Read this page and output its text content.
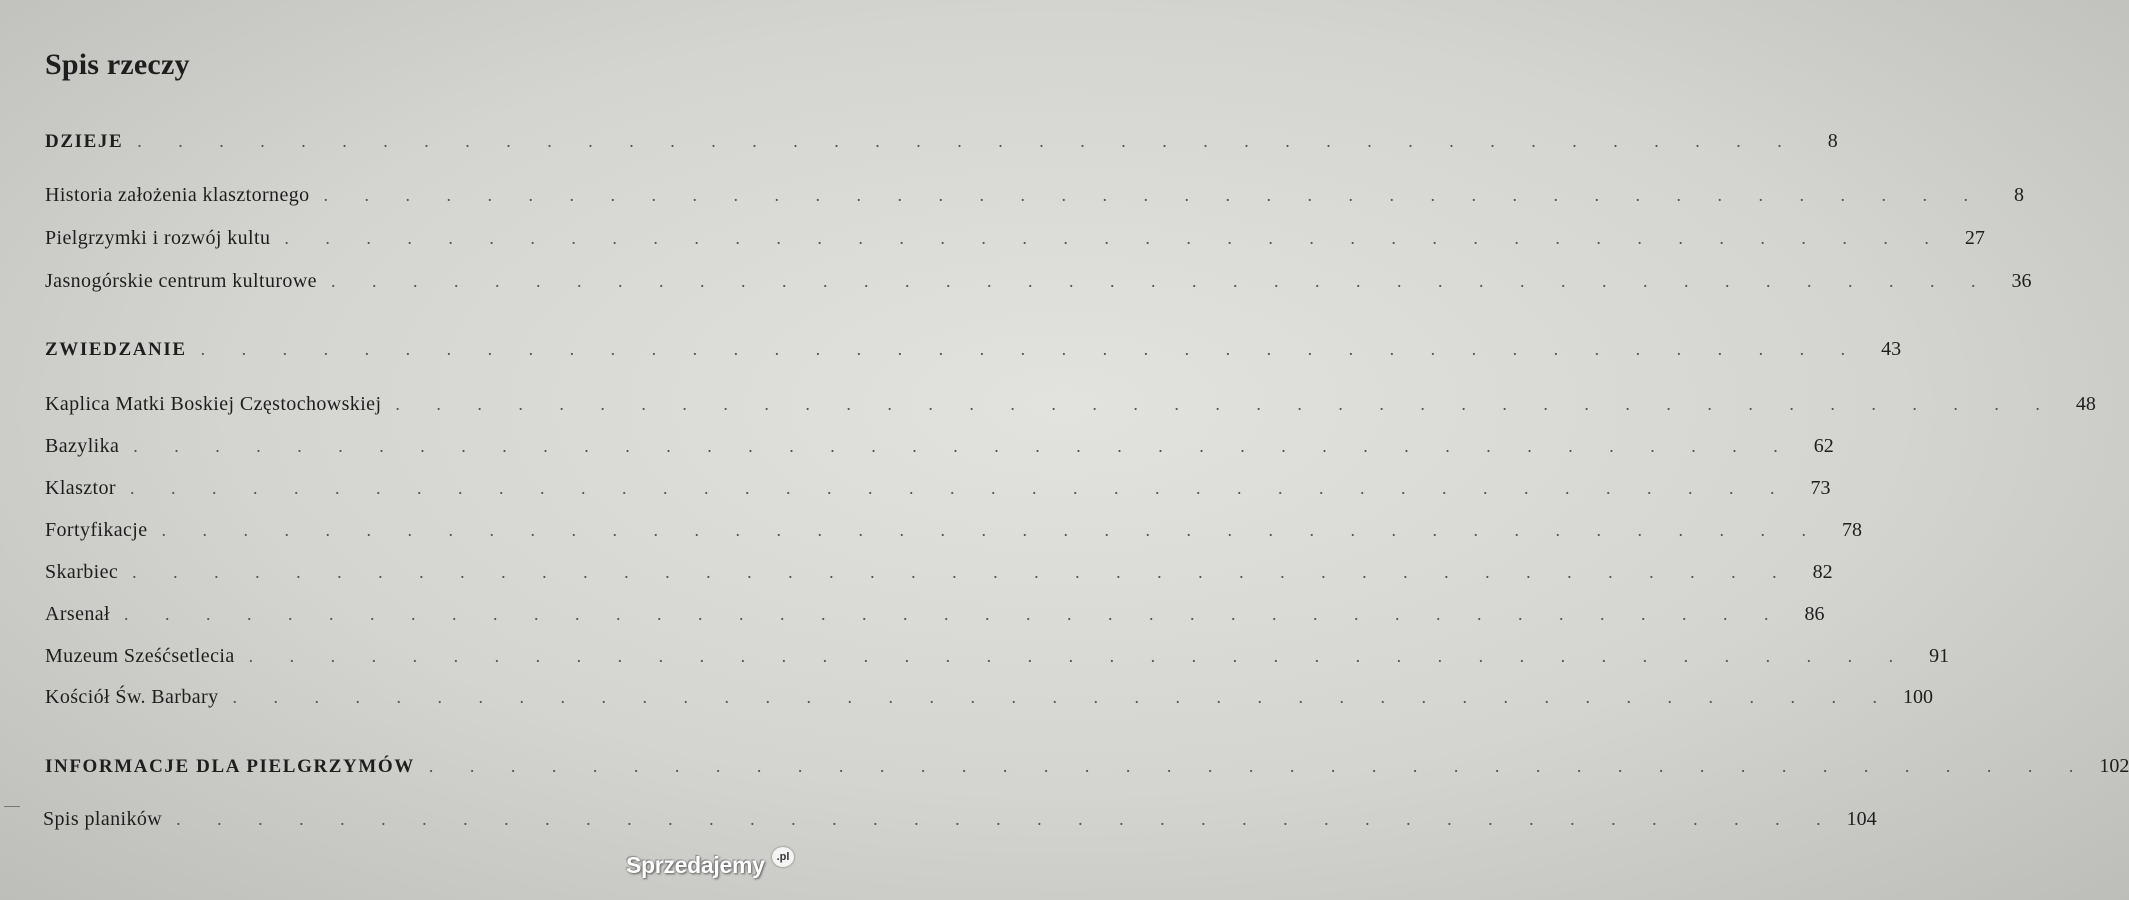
Spis rzeczy
DZIEJE . . . . . . . . . . . . . . . . . . . . . . . . . . . . . . . . . . . . . . . . .	8
Historia założenia klasztornego . . . . . . . . . . . . . . . . . . . . . . . . . . . . . . . . . . . . . . . . .	8
Pielgrzymki i rozwój kultu . . . . . . . . . . . . . . . . . . . . . . . . . . . . . . . . . . . . . . . . .	27
Jasnogórskie centrum kulturowe . . . . . . . . . . . . . . . . . . . . . . . . . . . . . . . . . . . . . . . . .	36
ZWIEDZANIE . . . . . . . . . . . . . . . . . . . . . . . . . . . . . . . . . . . . . . . . .	43
Kaplica Matki Boskiej Częstochowskiej . . . . . . . . . . . . . . . . . . . . . . . . . . . . . . . . . . . . . . . . .	48
Bazylika . . . . . . . . . . . . . . . . . . . . . . . . . . . . . . . . . . . . . . . . .	62
Klasztor . . . . . . . . . . . . . . . . . . . . . . . . . . . . . . . . . . . . . . . . .	73
Fortyfikacje . . . . . . . . . . . . . . . . . . . . . . . . . . . . . . . . . . . . . . . . .	78
Skarbiec . . . . . . . . . . . . . . . . . . . . . . . . . . . . . . . . . . . . . . . . .	82
Arsenał . . . . . . . . . . . . . . . . . . . . . . . . . . . . . . . . . . . . . . . . .	86
Muzeum Sześćsetlecia . . . . . . . . . . . . . . . . . . . . . . . . . . . . . . . . . . . . . . . . .	91
Kościół Św. Barbary . . . . . . . . . . . . . . . . . . . . . . . . . . . . . . . . . . . . . . . . . 100
INFORMACJE DLA PIELGRZYMÓW . . . . . . . . . . . . . . . . . . . . . . . . . . . . . . . . . . . . . . . . . 102
Spis planików . . . . . . . . . . . . . . . . . . . . . . . . . . . . . . . . . . . . . . . . . 104
Sprzedajemy	.pl
